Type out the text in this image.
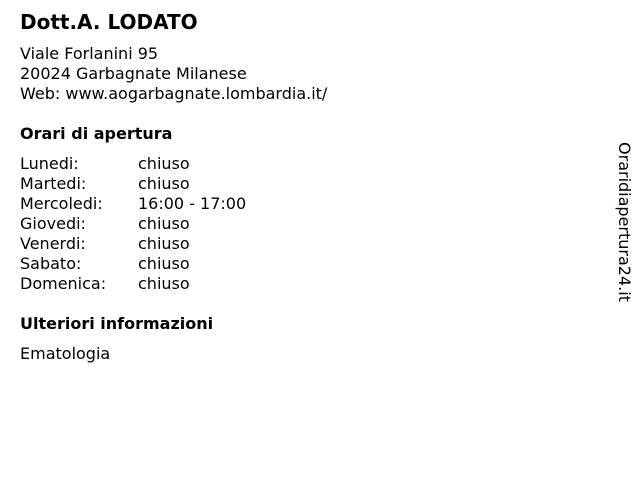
Dott.A. LODATO
Viale Forlanini 95
20024 Garbagnate Milanese
Web: www.aogarbagnate.lombardia.it/
Orari di apertura
Lunedi:	chiuso
Martedi:	chiuso
Mercoledi:	16:00 - 17:00
Giovedi:	chiuso
Venerdi:	chiuso
Sabato:	chiuso
Domenica:	chiuso
Ulteriori informazioni
Ematologia
Oraridiapertura24.it
